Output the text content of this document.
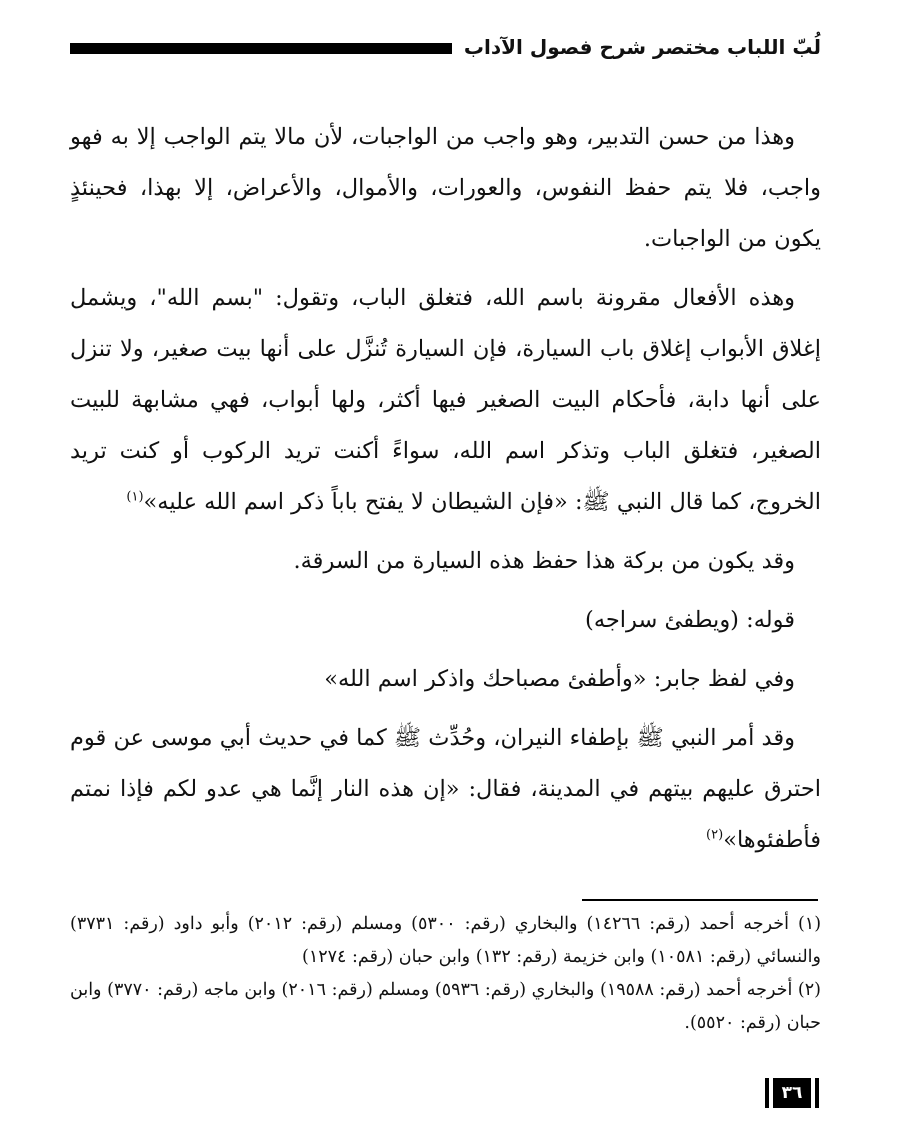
لُبّ اللباب مختصر شرح فصول الآداب

وهذا من حسن التدبير، وهو واجب من الواجبات، لأن مالا يتم الواجب إلا به فهو واجب، فلا يتم حفظ النفوس، والعورات، والأموال، والأعراض، إلا بهذا، فحينئذٍ يكون من الواجبات.

وهذه الأفعال مقرونة باسم الله، فتغلق الباب، وتقول: "بسم الله"، ويشمل إغلاق الأبواب إغلاق باب السيارة، فإن السيارة تُنزَّل على أنها بيت صغير، ولا تنزل على أنها دابة، فأحكام البيت الصغير فيها أكثر، ولها أبواب، فهي مشابهة للبيت الصغير، فتغلق الباب وتذكر اسم الله، سواءً أكنت تريد الركوب أو كنت تريد الخروج، كما قال النبي ﷺ: «فإن الشيطان لا يفتح باباً ذكر اسم الله عليه»$^{(١)}$

وقد يكون من بركة هذا حفظ هذه السيارة من السرقة.

قوله: (ويطفئ سراجه)

وفي لفظ جابر: «وأطفئ مصباحك واذكر اسم الله»

وقد أمر النبي ﷺ بإطفاء النيران، وحُدِّث ﷺ كما في حديث أبي موسى عن قوم احترق عليهم بيتهم في المدينة، فقال: «إن هذه النار إنَّما هي عدو لكم فإذا نمتم فأطفئوها»$^{(٢)}$

(١) أخرجه أحمد (رقم: ١٤٢٦٦) والبخاري (رقم: ٥٣٠٠) ومسلم (رقم: ٢٠١٢) وأبو داود (رقم: ٣٧٣١) والنسائي (رقم: ١٠٥٨١) وابن خزيمة (رقم: ١٣٢) وابن حبان (رقم: ١٢٧٤)

(٢) أخرجه أحمد (رقم: ١٩٥٨٨) والبخاري (رقم: ٥٩٣٦) ومسلم (رقم: ٢٠١٦) وابن ماجه (رقم: ٣٧٧٠) وابن حبان (رقم: ٥٥٢٠).

٣٦
